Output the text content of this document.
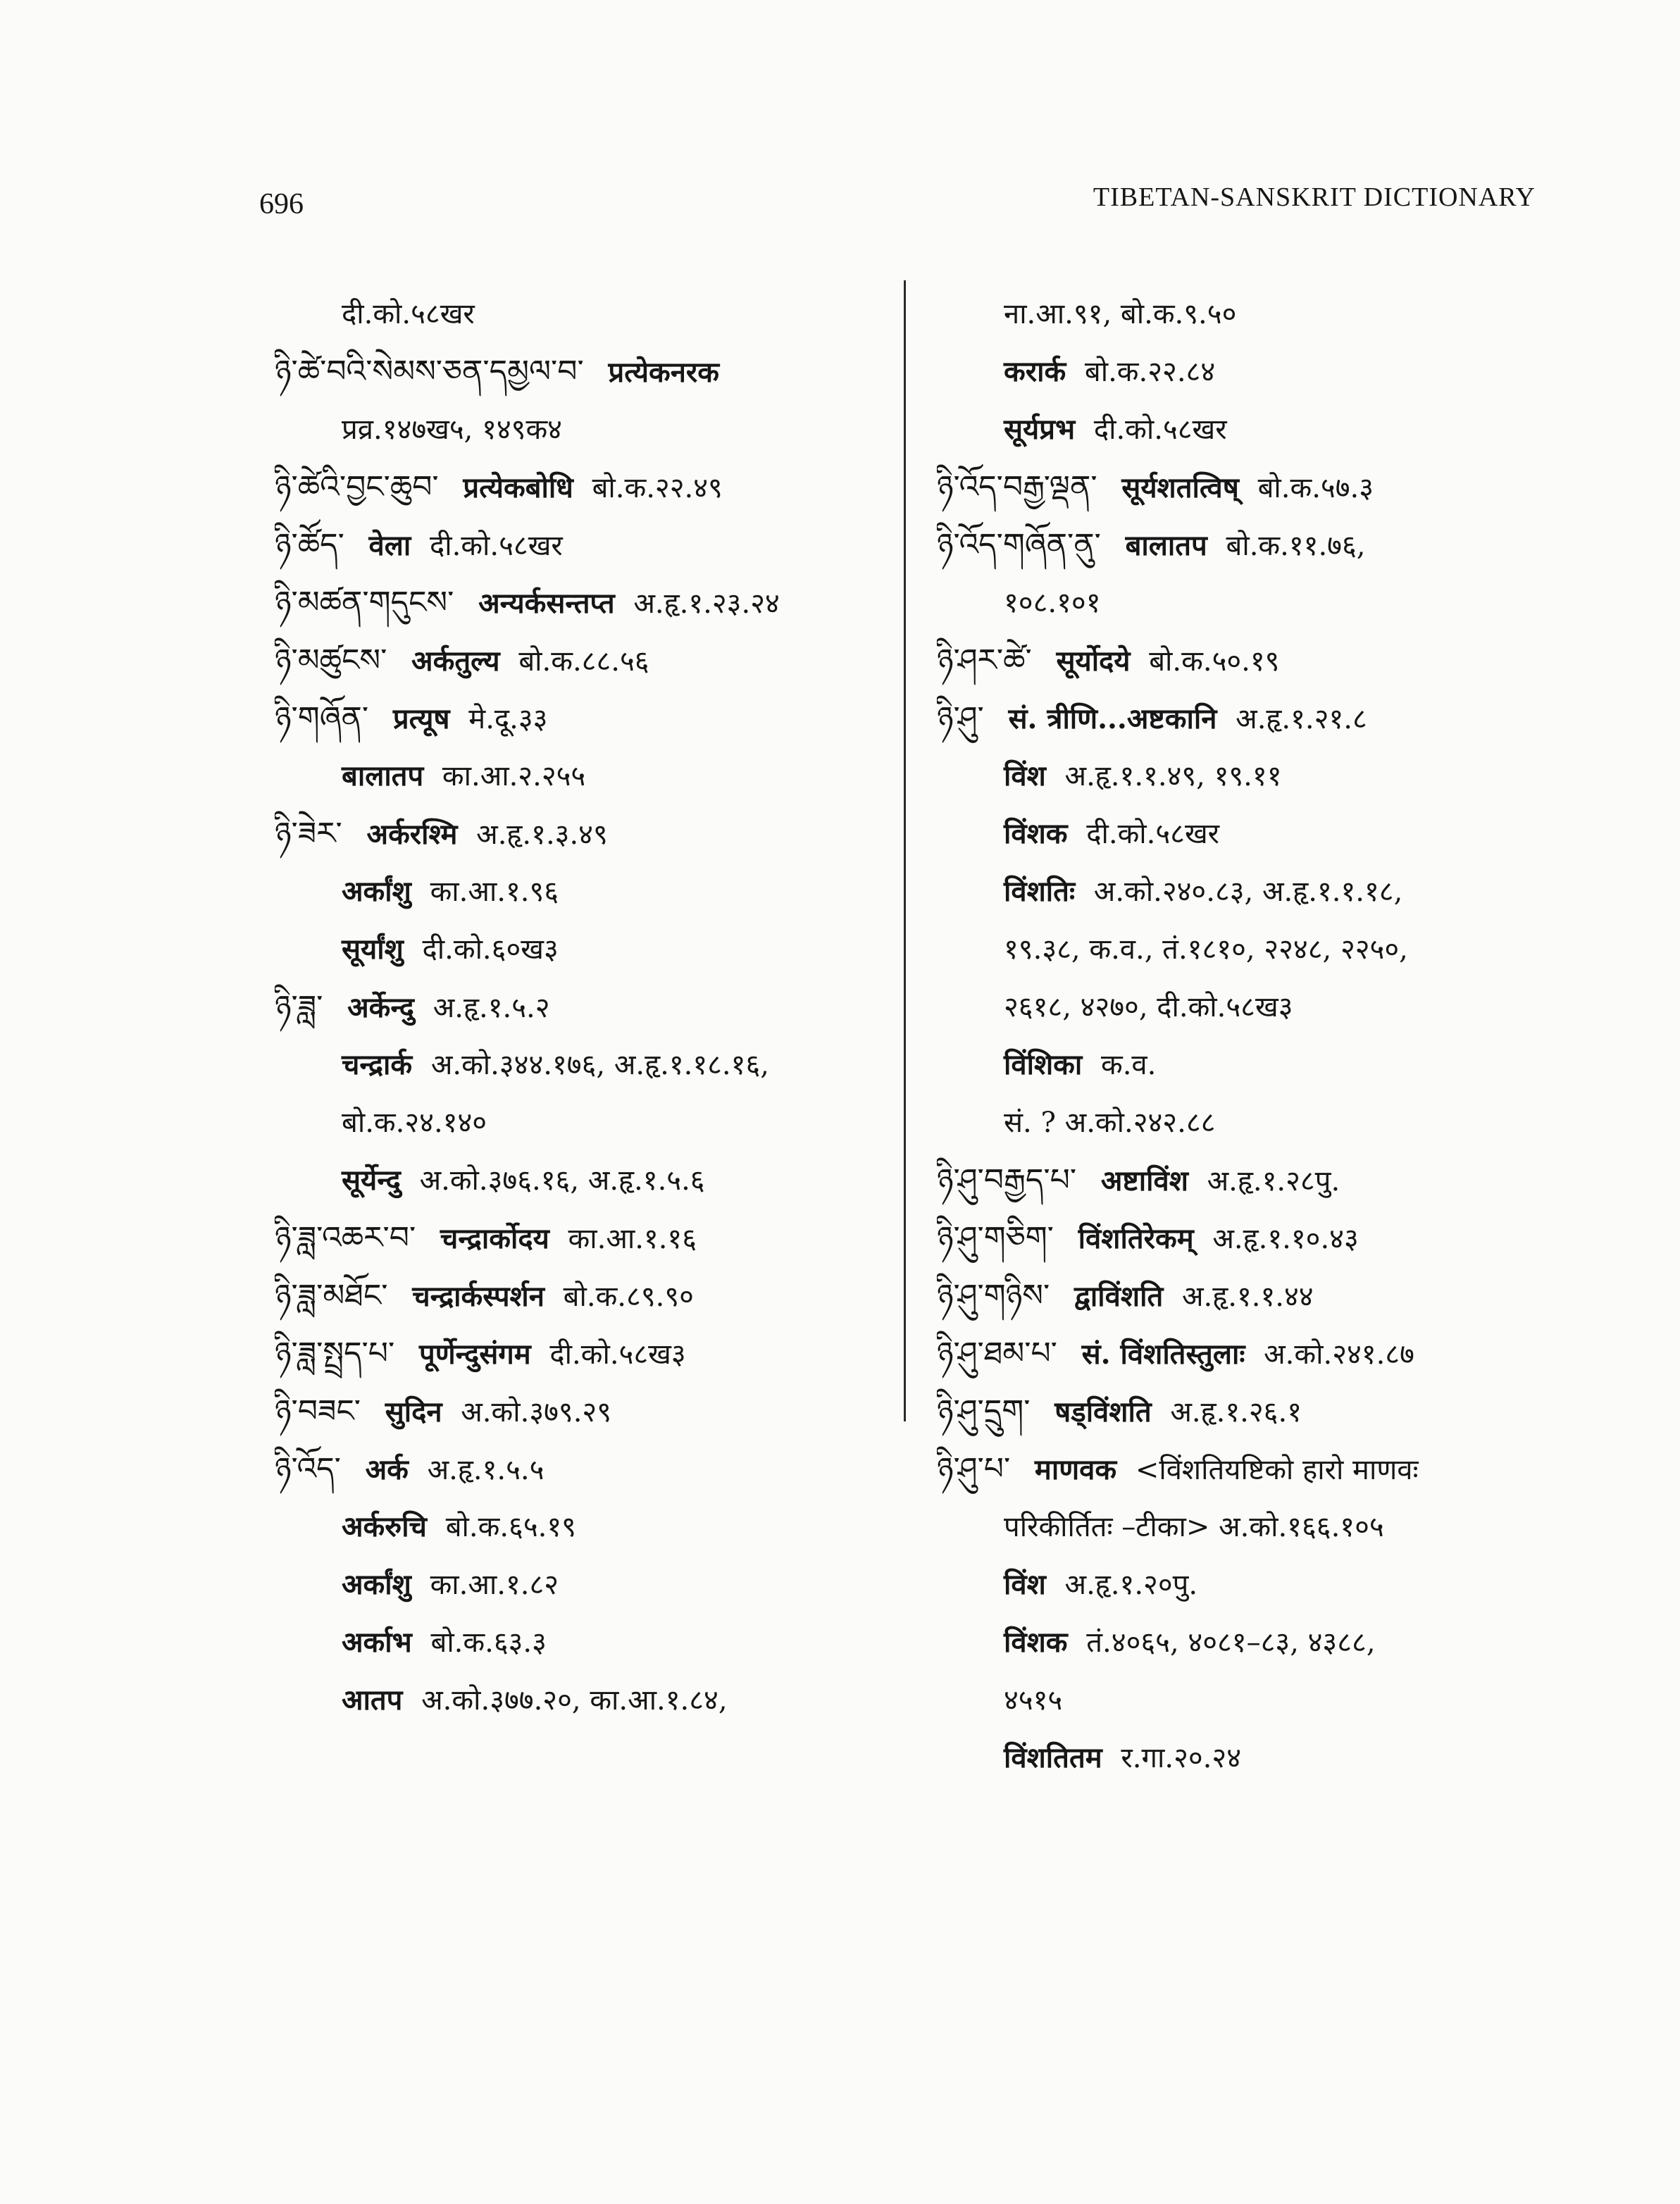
696	TIBETAN-SANSKRIT DICTIONARY
दी.को.५८खर
ཉི་ཚེ་བའི་སེམས་ཅན་དམྱལ་བ་ प्रत्येकनरक
प्रव्र.१४७ख५, १४९क४
ཉི་ཚེའི་བྱང་ཆུབ་ प्रत्येकबोधि बो.क.२२.४९
ཉི་ཚོད་ वेला दी.को.५८खर
ཉི་མཚན་གདུངས་ अन्यर्कसन्तप्त अ.हृ.१.२३.२४
ཉི་མཚུངས་ अर्कतुल्य बो.क.८८.५६
ཉི་གཞོན་ प्रत्यूष मे.दू.३३
बालातप का.आ.२.२५५
ཉི་ཟེར་ अर्करश्मि अ.हृ.१.३.४९
अर्कांशु का.आ.१.९६
सूर्यांशु दी.को.६०ख३
ཉི་ཟླ་ अर्केन्दु अ.हृ.१.५.२
चन्द्रार्क अ.को.३४४.१७६, अ.हृ.१.१८.१६,
बो.क.२४.१४०
सूर्येन्दु अ.को.३७६.१६, अ.हृ.१.५.६
ཉི་ཟླ་འཆར་བ་ चन्द्रार्कोदय का.आ.१.१६
ཉི་ཟླ་མཐོང་ चन्द्रार्कस्पर्शन बो.क.८९.९०
ཉི་ཟླ་སྤྲད་པ་ पूर्णेन्दुसंगम दी.को.५८ख३
ཉི་བཟང་ सुदिन अ.को.३७९.२९
ཉི་འོད་ अर्क अ.हृ.१.५.५
अर्करुचि बो.क.६५.१९
अर्कांशु का.आ.१.८२
अर्काभ बो.क.६३.३
आतप अ.को.३७७.२०, का.आ.१.८४,
ना.आ.९१, बो.क.९.५०
करार्क बो.क.२२.८४
सूर्यप्रभ दी.को.५८खर
ཉི་འོད་བརྒྱ་ལྡན་ सूर्यशतत्विष् बो.क.५७.३
ཉི་འོད་གཞོན་ནུ་ बालातप बो.क.११.७६,
१०८.१०१
ཉི་ཤར་ཚེ་ सूर्योदये बो.क.५०.१९
ཉི་ཤུ་ सं. त्रीणि...अष्टकानि अ.हृ.१.२१.८
विंश अ.हृ.१.१.४९, १९.११
विंशक दी.को.५८खर
विंशतिः अ.को.२४०.८३, अ.हृ.१.१.१८,
१९.३८, क.व., तं.१८१०, २२४८, २२५०,
२६१८, ४२७०, दी.को.५८ख३
विंशिका क.व.
सं. ? अ.को.२४२.८८
ཉི་ཤུ་བརྒྱད་པ་ अष्टाविंश अ.हृ.१.२८पु.
ཉི་ཤུ་གཅིག་ विंशतिरेकम् अ.हृ.१.१०.४३
ཉི་ཤུ་གཉིས་ द्वाविंशति अ.हृ.१.१.४४
ཉི་ཤུ་ཐམ་པ་ सं. विंशतिस्तुलाः अ.को.२४१.८७
ཉི་ཤུ་དྲུག་ षड्विंशति अ.हृ.१.२६.१
ཉི་ཤུ་པ་ माणवक <विंशतियष्टिको हारो माणवः
परिकीर्तितः –टीका> अ.को.१६६.१०५
विंश अ.हृ.१.२०पु.
विंशक तं.४०६५, ४०८१–८३, ४३८८,
४५१५
विंशतितम र.गा.२०.२४
